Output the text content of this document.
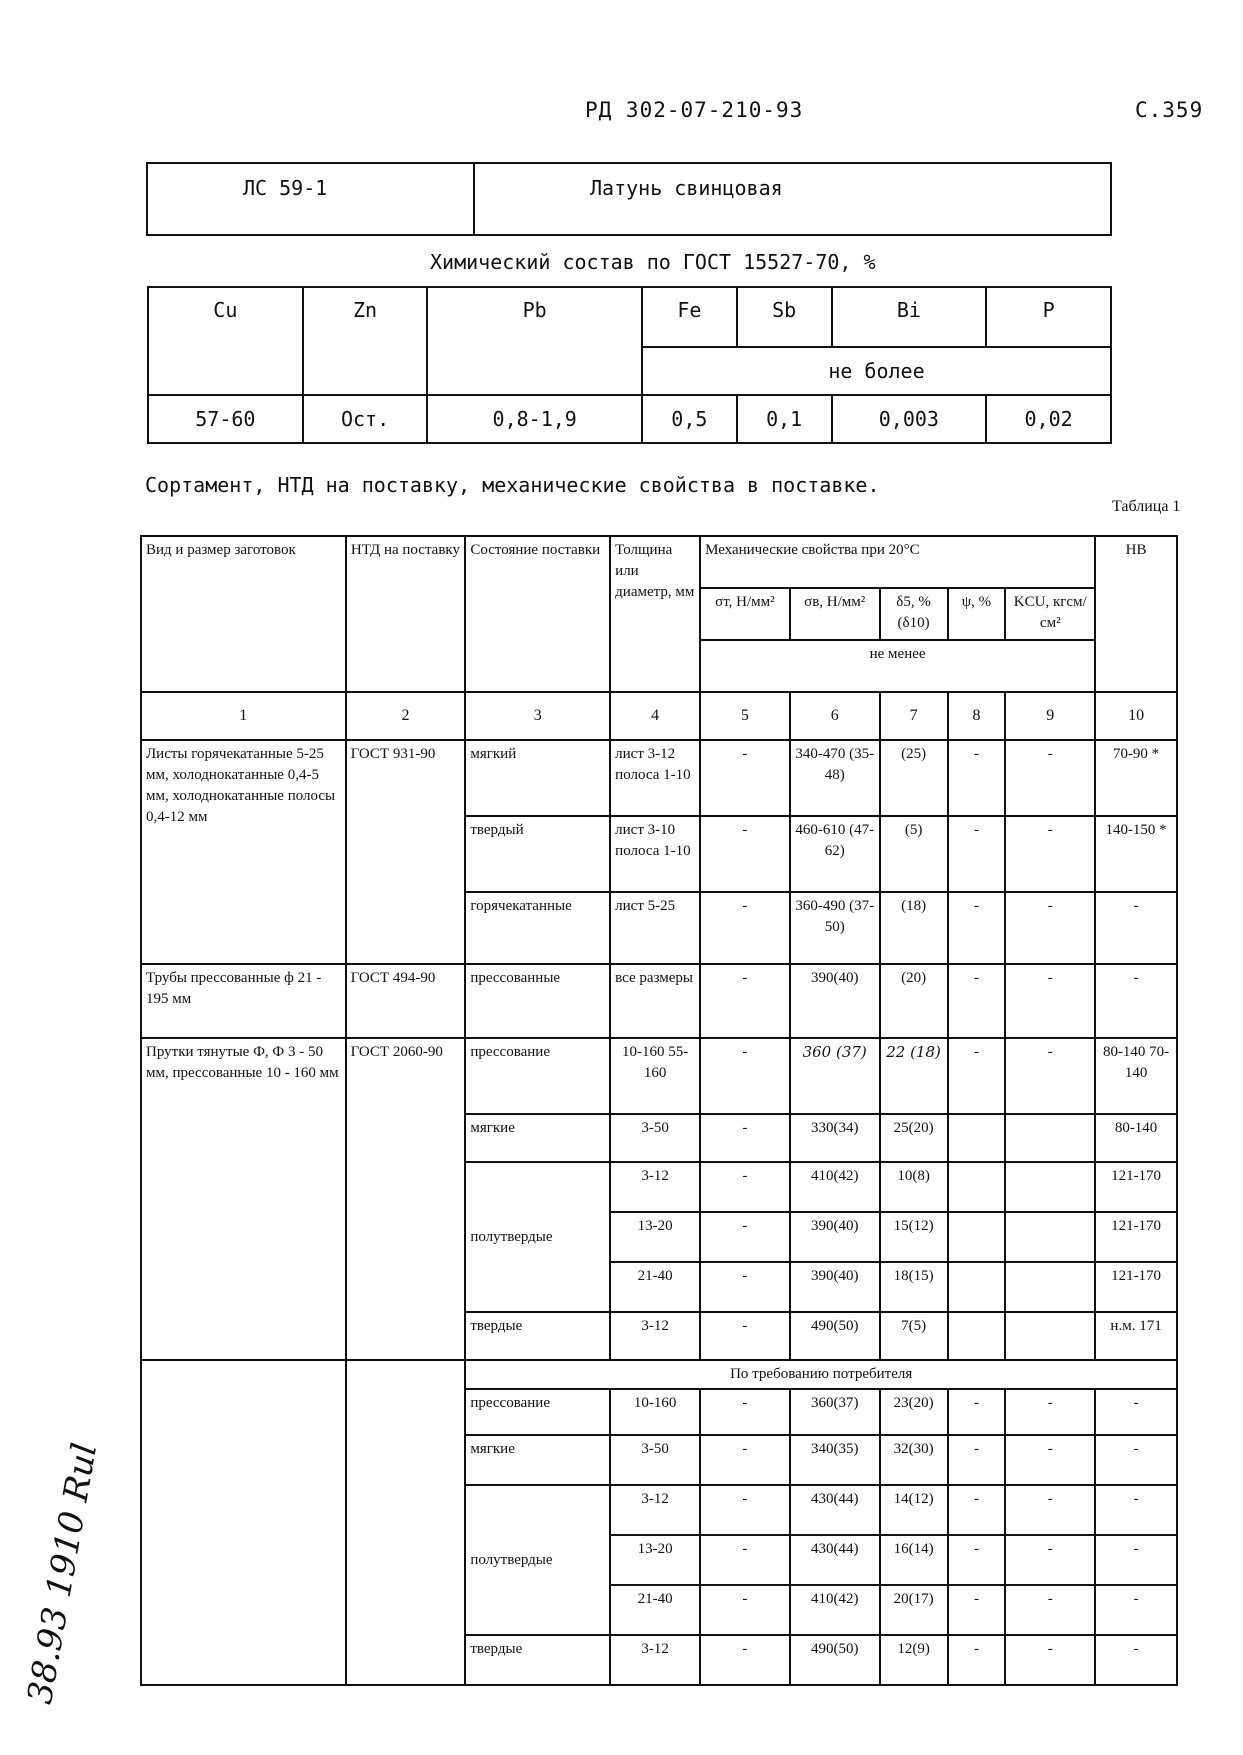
РД 302-07-210-93	С.359
ЛС 59-1	Латунь свинцовая
Химический состав по ГОСТ 15527-70, %
Cu	Zn	Pb	Fe	Sb	Bi	P
			не более			
57-60	Ост.	0,8-1,9	0,5	0,1	0,003	0,02
Сортамент, НТД на поставку, механические свойства в поставке.
Таблица 1
Вид и размер заготовок	НТД на поставку	Состояние поставки	Толщина или диаметр, мм	Механические свойства при 20°С					НВ
				σт, Н/мм²	σв, Н/мм²	δ5, % (δ10)	ψ, %	KCU, кгсм/см²	
				не менее					
1	2	3	4	5	6	7	8	9	10
Листы горячекатанные 5-25 мм, холоднокатанные 0,4-5 мм, холоднокатанные полосы 0,4-12 мм	ГОСТ 931-90	мягкий	лист 3-12 полоса 1-10	-	340-470 (35-48)	(25)	-	-	70-90 *
		твердый	лист 3-10 полоса 1-10	-	460-610 (47-62)	(5)	-	-	140-150 *
		горячекатанные	лист 5-25	-	360-490 (37-50)	(18)	-	-	-
Трубы прессованные ф 21 - 195 мм	ГОСТ 494-90	прессованные	все размеры	-	390(40)	(20)	-	-	-
Прутки тянутые Ф, Ф 3 - 50 мм, прессованные 10 - 160 мм	ГОСТ 2060-90	прессование	10-160 55-160	-	360 (37)	22 (18)	-	-	80-140 70-140
		мягкие	3-50	-	330(34)	25(20)			80-140
		полутвердые	3-12	-	410(42)	10(8)			121-170
			13-20	-	390(40)	15(12)			121-170
			21-40	-	390(40)	18(15)			121-170
		твердые	3-12	-	490(50)	7(5)			н.м. 171
		По требованию потребителя							
		прессование	10-160	-	360(37)	23(20)	-	-	-
		мягкие	3-50	-	340(35)	32(30)	-	-	-
		полутвердые	3-12	-	430(44)	14(12)	-	-	-
			13-20	-	430(44)	16(14)	-	-	-
			21-40	-	410(42)	20(17)	-	-	-
		твердые	3-12	-	490(50)	12(9)	-	-	-
38.93 1910 Rul
